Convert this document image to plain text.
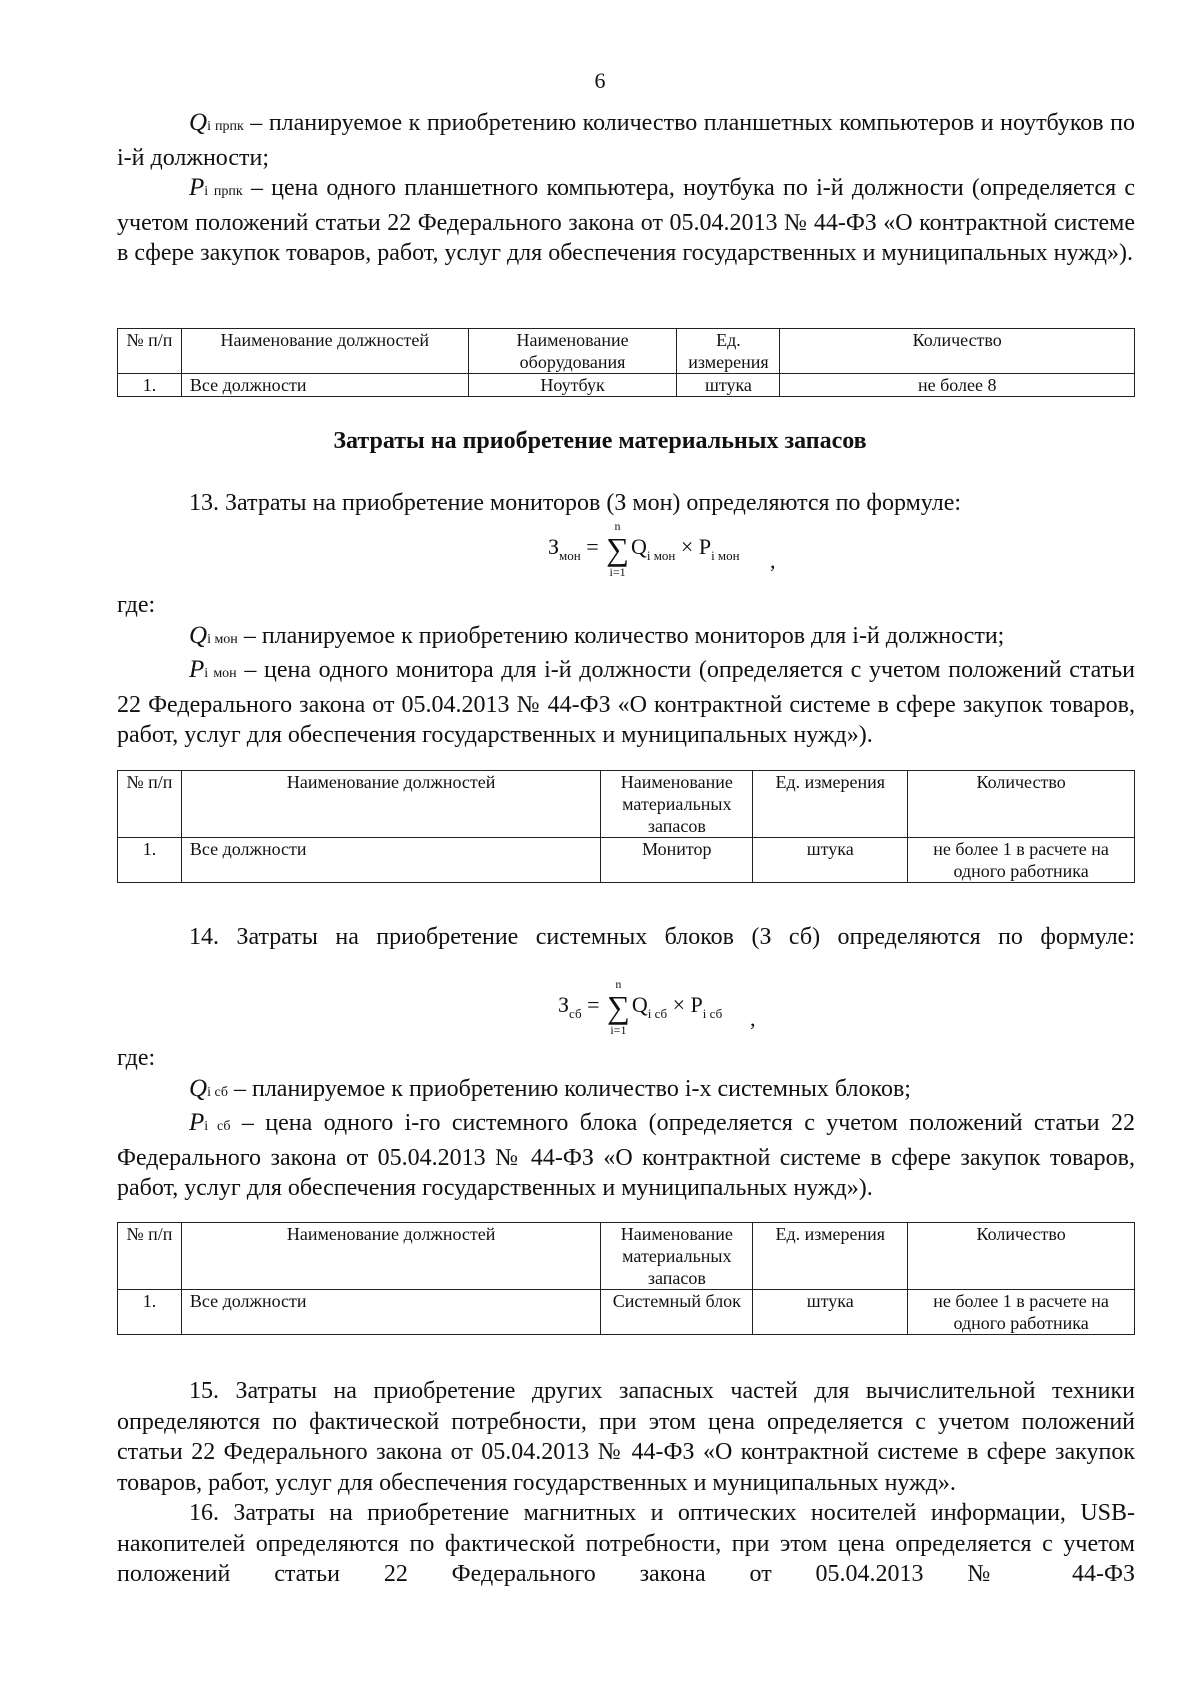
6
Qi прпк – планируемое к приобретению количество планшетных компьютеров и ноутбуков по i-й должности;
Pi прпк – цена одного планшетного компьютера, ноутбука по i-й должности (определяется с учетом положений статьи 22 Федерального закона от 05.04.2013 № 44-ФЗ «О контрактной системе в сфере закупок товаров, работ, услуг для обеспечения государственных и муниципальных нужд»).
№ п/п	Наименование должностей	Наименование оборудования	Ед. измерения	Количество
1.	Все должности	Ноутбук	штука	не более 8
Затраты на приобретение материальных запасов
13. Затраты на приобретение мониторов (З мон) определяются по формуле:
$З_{мон}$ = ∑
n
i=1
$Q_{i мон} \times P_{i мон}$ ,
где:
Qi мон – планируемое к приобретению количество мониторов для i-й должности;
Pi мон – цена одного монитора для i-й должности (определяется с учетом положений статьи 22 Федерального закона от 05.04.2013 № 44-ФЗ «О контрактной системе в сфере закупок товаров, работ, услуг для обеспечения государственных и муниципальных нужд»).
№ п/п	Наименование должностей	Наименование материальных запасов	Ед. измерения	Количество
1.	Все должности	Монитор	штука	не более 1 в расчете на одного работника
14. Затраты на приобретение системных блоков (З сб) определяются по формуле:
$З_{сб}$ = ∑
n
i=1
$Q_{i сб} \times P_{i сб}$ ,
где:
Qi сб – планируемое к приобретению количество i-х системных блоков;
Pi сб – цена одного i-го системного блока (определяется с учетом положений статьи 22 Федерального закона от 05.04.2013 № 44-ФЗ «О контрактной системе в сфере закупок товаров, работ, услуг для обеспечения государственных и муниципальных нужд»).
№ п/п	Наименование должностей	Наименование материальных запасов	Ед. измерения	Количество
1.	Все должности	Системный блок	штука	не более 1 в расчете на одного работника
15. Затраты на приобретение других запасных частей для вычислительной техники определяются по фактической потребности, при этом цена определяется с учетом положений статьи 22 Федерального закона от 05.04.2013 № 44-ФЗ «О контрактной системе в сфере закупок товаров, работ, услуг для обеспечения государственных и муниципальных нужд».
16. Затраты на приобретение магнитных и оптических носителей информации, USB-накопителей определяются по фактической потребности, при этом цена определяется с учетом положений статьи 22 Федерального закона от 05.04.2013 № 44-ФЗ
